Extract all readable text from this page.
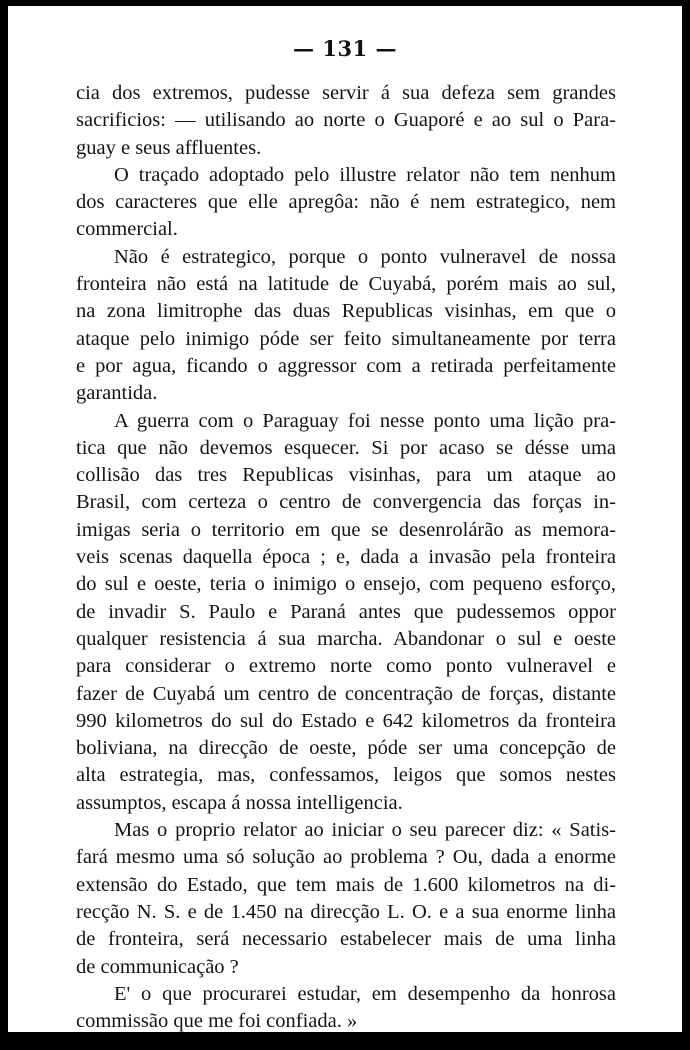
— 131 —
cia dos extremos, pudesse servir á sua defeza sem grandes
sacrificios: — utilisando ao norte o Guaporé e ao sul o Para-
guay e seus affluentes.
O traçado adoptado pelo illustre relator não tem nenhum
dos caracteres que elle apregôa: não é nem estrategico, nem
commercial.
Não é estrategico, porque o ponto vulneravel de nossa
fronteira não está na latitude de Cuyabá, porém mais ao sul,
na zona limitrophe das duas Republicas visinhas, em que o
ataque pelo inimigo póde ser feito simultaneamente por terra
e por agua, ficando o aggressor com a retirada perfeitamente
garantida.
A guerra com o Paraguay foi nesse ponto uma lição pra-
tica que não devemos esquecer. Si por acaso se désse uma
collisão das tres Republicas visinhas, para um ataque ao
Brasil, com certeza o centro de convergencia das forças in-
imigas seria o territorio em que se desenrolárão as memora-
veis scenas daquella época ; e, dada a invasão pela fronteira
do sul e oeste, teria o inimigo o ensejo, com pequeno esforço,
de invadir S. Paulo e Paraná antes que pudessemos oppor
qualquer resistencia á sua marcha. Abandonar o sul e oeste
para considerar o extremo norte como ponto vulneravel e
fazer de Cuyabá um centro de concentração de forças, distante
990 kilometros do sul do Estado e 642 kilometros da fronteira
boliviana, na direcção de oeste, póde ser uma concepção de
alta estrategia, mas, confessamos, leigos que somos nestes
assumptos, escapa á nossa intelligencia.
Mas o proprio relator ao iniciar o seu parecer diz: « Satis-
fará mesmo uma só solução ao problema ? Ou, dada a enorme
extensão do Estado, que tem mais de 1.600 kilometros na di-
recção N. S. e de 1.450 na direcção L. O. e a sua enorme linha
de fronteira, será necessario estabelecer mais de uma linha
de communicação ?
E' o que procurarei estudar, em desempenho da honrosa
commissão que me foi confiada. »
